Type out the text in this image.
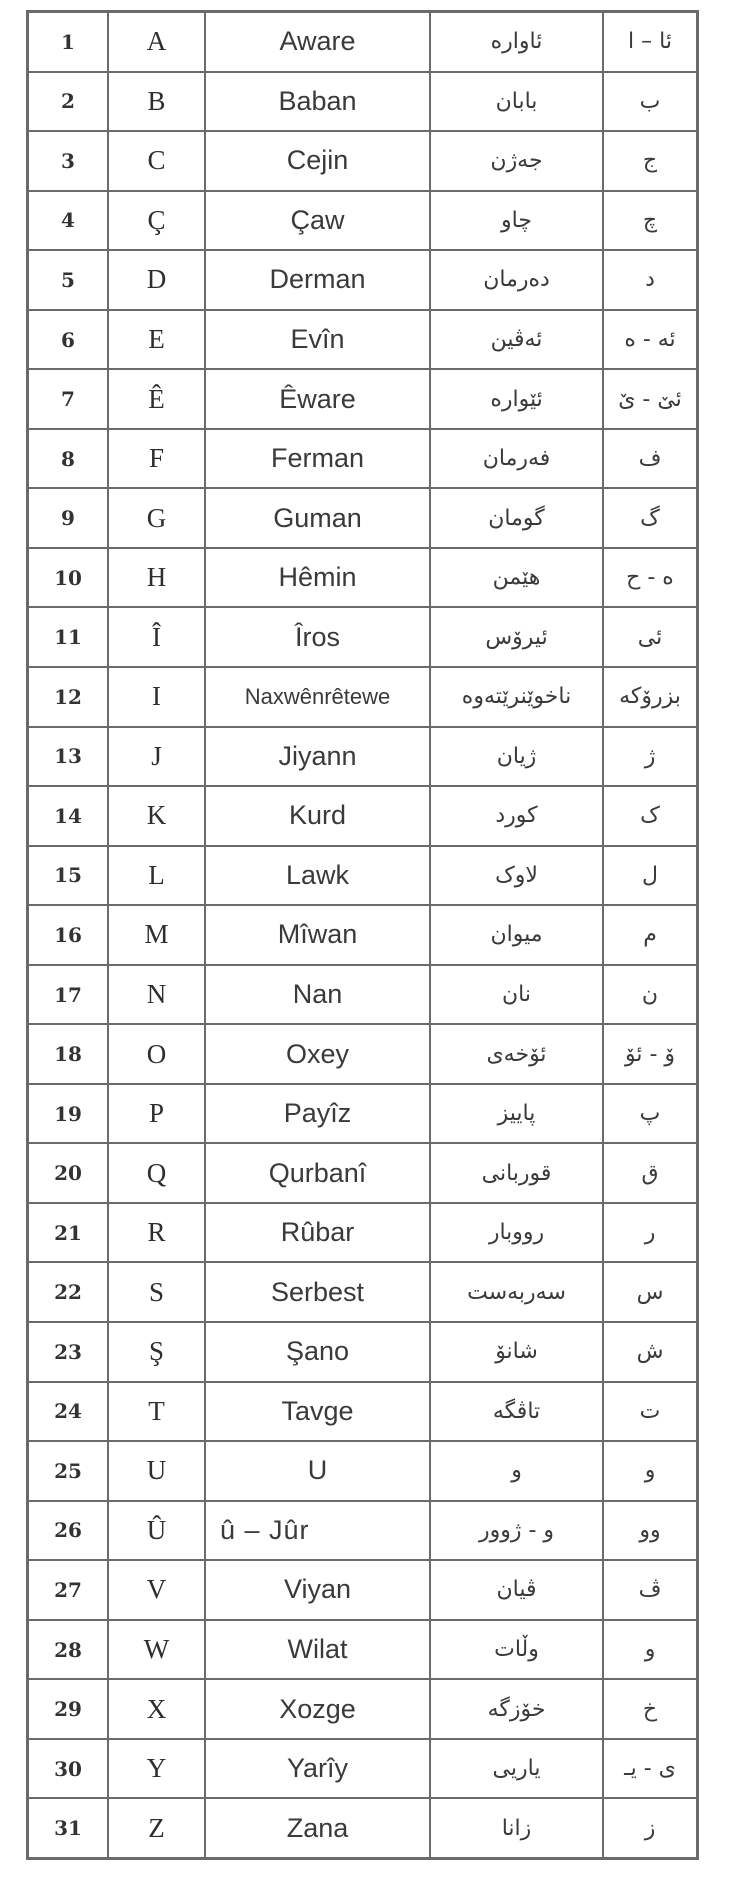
1	A	Aware	ئاوارە	ئا – ا
2	B	Baban	بابان	ب
3	C	Cejin	جەژن	ج
4	Ç	Çaw	چاو	چ
5	D	Derman	دەرمان	د
6	E	Evîn	ئەڤین	ئە - ە
7	Ê	Êware	ئێوارە	ئێ - ێ
8	F	Ferman	فەرمان	ف
9	G	Guman	گومان	گ
10	H	Hêmin	هێمن	ه - ح
11	Î	Îros	ئیرۆس	ئی
12	I	Naxwênrêtewe	ناخوێنرێتەوە	بزرۆکە
13	J	Jiyann	ژیان	ژ
14	K	Kurd	کورد	ک
15	L	Lawk	لاوک	ل
16	M	Mîwan	میوان	م
17	N	Nan	نان	ن
18	O	Oxey	ئۆخەی	ۆ - ئۆ
19	P	Payîz	پاییز	پ
20	Q	Qurbanî	قوربانی	ق
21	R	Rûbar	رووبار	ر
22	S	Serbest	سەربەست	س
23	Ş	Şano	شانۆ	ش
24	T	Tavge	تاڤگە	ت
25	U	U	و	و
26	Û	û – Jûr	و - ژوور	وو
27	V	Viyan	ڤیان	ڤ
28	W	Wilat	وڵات	و
29	X	Xozge	خۆزگە	خ
30	Y	Yarîy	یاریی	ی - یـ
31	Z	Zana	زانا	ز
